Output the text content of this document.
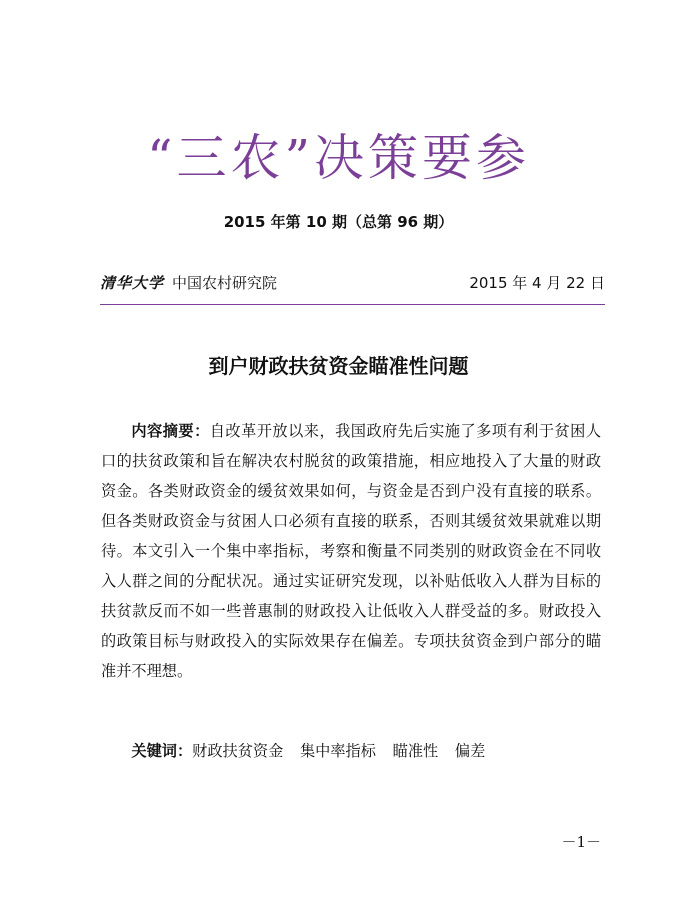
“三农”决策要参
2015 年第 10 期（总第 96 期）
清华大学 中国农村研究院	2015 年 4 月 22 日
到户财政扶贫资金瞄准性问题

内容摘要：自改革开放以来，我国政府先后实施了多项有利于贫困人口的扶贫政策和旨在解决农村脱贫的政策措施，相应地投入了大量的财政资金。各类财政资金的缓贫效果如何，与资金是否到户没有直接的联系。但各类财政资金与贫困人口必须有直接的联系，否则其缓贫效果就难以期待。本文引入一个集中率指标，考察和衡量不同类别的财政资金在不同收入人群之间的分配状况。通过实证研究发现，以补贴低收入人群为目标的扶贫款反而不如一些普惠制的财政投入让低收入人群受益的多。财政投入的政策目标与财政投入的实际效果存在偏差。专项扶贫资金到户部分的瞄准并不理想。

关键词：财政扶贫资金 集中率指标 瞄准性 偏差

－1－
